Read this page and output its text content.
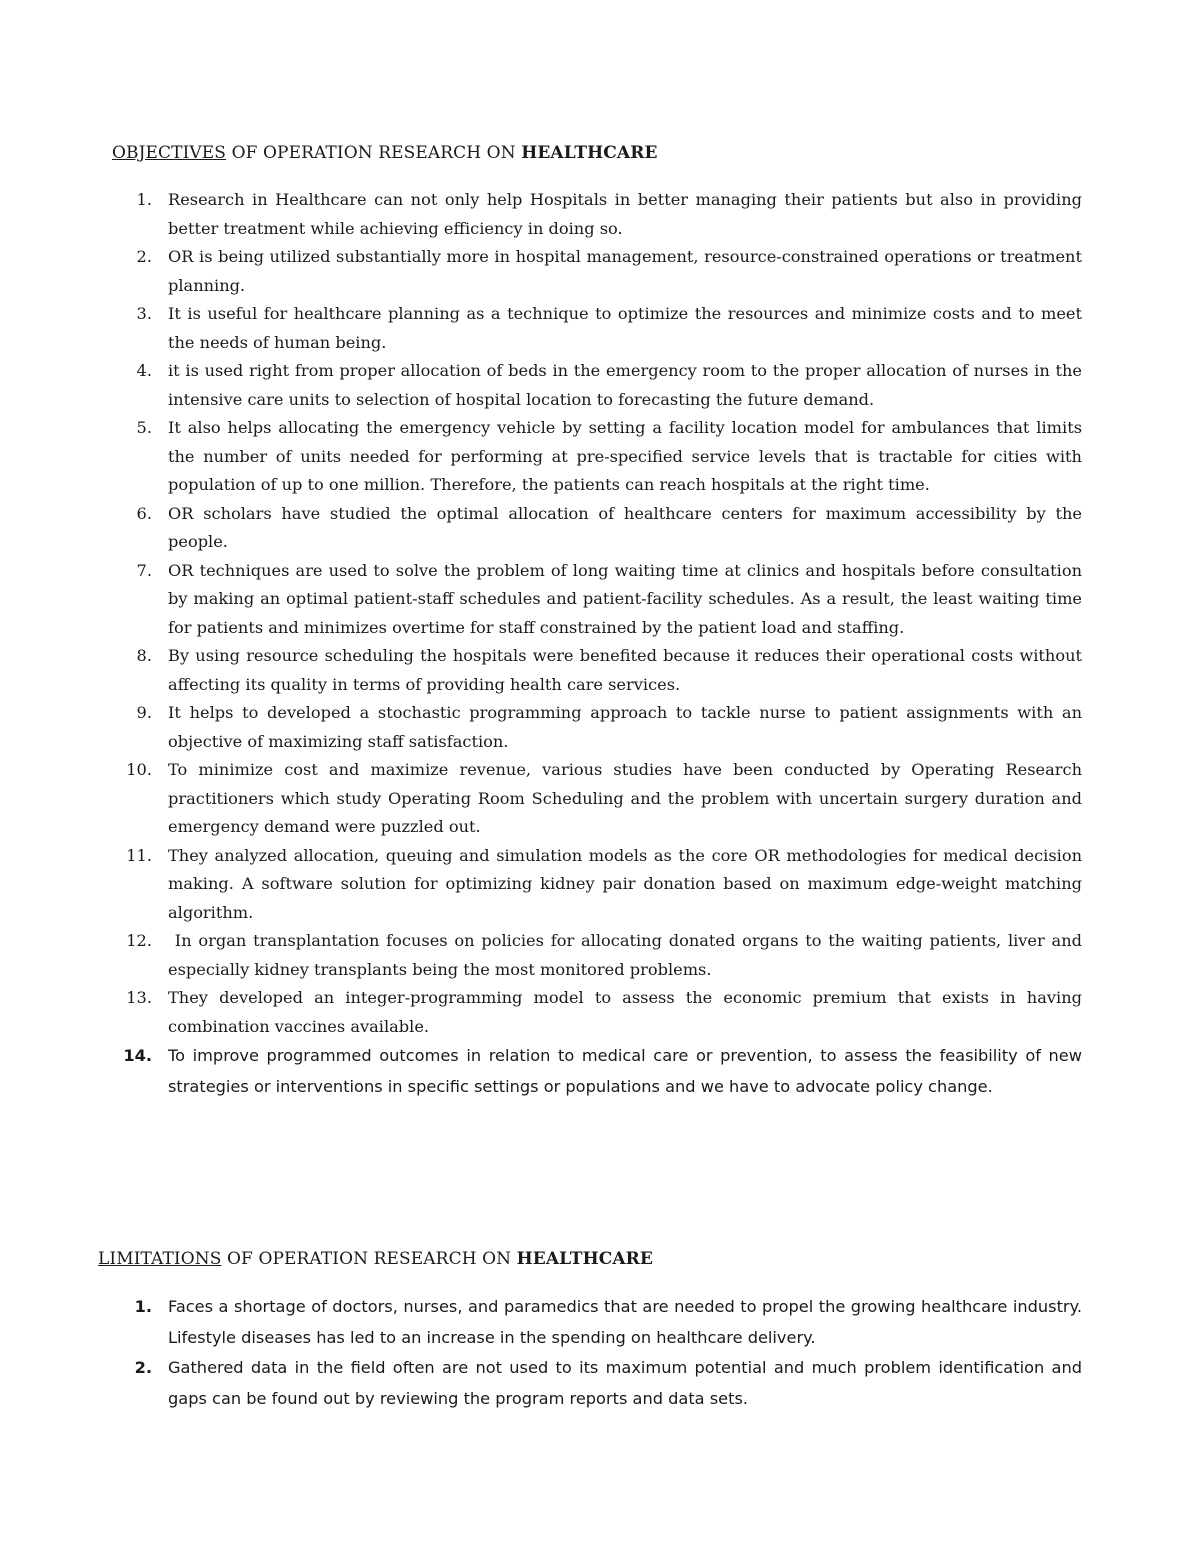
OBJECTIVES OF OPERATION RESEARCH ON HEALTHCARE
1. Research in Healthcare can not only help Hospitals in better managing their patients but also in providing better treatment while achieving efficiency in doing so.
2. OR is being utilized substantially more in hospital management, resource-constrained operations or treatment planning.
3. It is useful for healthcare planning as a technique to optimize the resources and minimize costs and to meet the needs of human being.
4. it is used right from proper allocation of beds in the emergency room to the proper allocation of nurses in the intensive care units to selection of hospital location to forecasting the future demand.
5. It also helps allocating the emergency vehicle by setting a facility location model for ambulances that limits the number of units needed for performing at pre-specified service levels that is tractable for cities with population of up to one million. Therefore, the patients can reach hospitals at the right time.
6. OR scholars have studied the optimal allocation of healthcare centers for maximum accessibility by the people.
7. OR techniques are used to solve the problem of long waiting time at clinics and hospitals before consultation by making an optimal patient-staff schedules and patient-facility schedules. As a result, the least waiting time for patients and minimizes overtime for staff constrained by the patient load and staffing.
8. By using resource scheduling the hospitals were benefited because it reduces their operational costs without affecting its quality in terms of providing health care services.
9. It helps to developed a stochastic programming approach to tackle nurse to patient assignments with an objective of maximizing staff satisfaction.
10. To minimize cost and maximize revenue, various studies have been conducted by Operating Research practitioners which study Operating Room Scheduling and the problem with uncertain surgery duration and emergency demand were puzzled out.
11. They analyzed allocation, queuing and simulation models as the core OR methodologies for medical decision making. A software solution for optimizing kidney pair donation based on maximum edge-weight matching algorithm.
12. In organ transplantation focuses on policies for allocating donated organs to the waiting patients, liver and especially kidney transplants being the most monitored problems.
13. They developed an integer-programming model to assess the economic premium that exists in having combination vaccines available.
14. To improve programmed outcomes in relation to medical care or prevention, to assess the feasibility of new strategies or interventions in specific settings or populations and we have to advocate policy change.
LIMITATIONS OF OPERATION RESEARCH ON HEALTHCARE
1. Faces a shortage of doctors, nurses, and paramedics that are needed to propel the growing healthcare industry. Lifestyle diseases has led to an increase in the spending on healthcare delivery.
2. Gathered data in the field often are not used to its maximum potential and much problem identification and gaps can be found out by reviewing the program reports and data sets.
